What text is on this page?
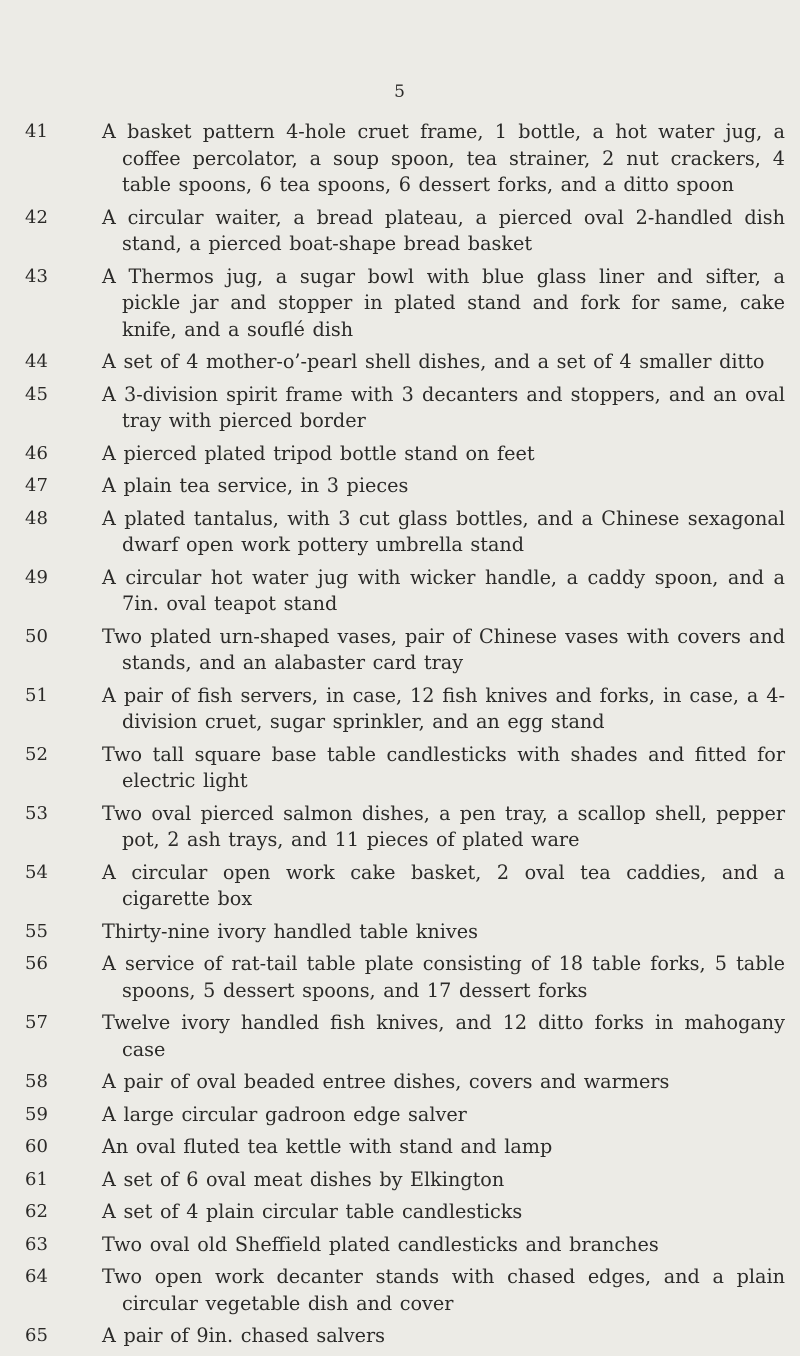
5
41	A basket pattern 4-hole cruet frame, 1 bottle, a hot water jug, a coffee percolator, a soup spoon, tea strainer, 2 nut crackers, 4 table spoons, 6 tea spoons, 6 dessert forks, and a ditto spoon
42	A circular waiter, a bread plateau, a pierced oval 2-handled dish stand, a pierced boat-shape bread basket
43	A Thermos jug, a sugar bowl with blue glass liner and sifter, a pickle jar and stopper in plated stand and fork for same, cake knife, and a souflé dish
44	A set of 4 mother-o’-pearl shell dishes, and a set of 4 smaller ditto
45	A 3-division spirit frame with 3 decanters and stoppers, and an oval tray with pierced border
46	A pierced plated tripod bottle stand on feet
47	A plain tea service, in 3 pieces
48	A plated tantalus, with 3 cut glass bottles, and a Chinese sexagonal dwarf open work pottery umbrella stand
49	A circular hot water jug with wicker handle, a caddy spoon, and a 7in. oval teapot stand
50	Two plated urn-shaped vases, pair of Chinese vases with covers and stands, and an alabaster card tray
51	A pair of fish servers, in case, 12 fish knives and forks, in case, a 4-division cruet, sugar sprinkler, and an egg stand
52	Two tall square base table candlesticks with shades and fitted for electric light
53	Two oval pierced salmon dishes, a pen tray, a scallop shell, pepper pot, 2 ash trays, and 11 pieces of plated ware
54	A circular open work cake basket, 2 oval tea caddies, and a cigarette box
55	Thirty-nine ivory handled table knives
56	A service of rat-tail table plate consisting of 18 table forks, 5 table spoons, 5 dessert spoons, and 17 dessert forks
57	Twelve ivory handled fish knives, and 12 ditto forks in mahogany case
58	A pair of oval beaded entree dishes, covers and warmers
59	A large circular gadroon edge salver
60	An oval fluted tea kettle with stand and lamp
61	A set of 6 oval meat dishes by Elkington
62	A set of 4 plain circular table candlesticks
63	Two oval old Sheffield plated candlesticks and branches
64	Two open work decanter stands with chased edges, and a plain circular vegetable dish and cover
65	A pair of 9in. chased salvers
